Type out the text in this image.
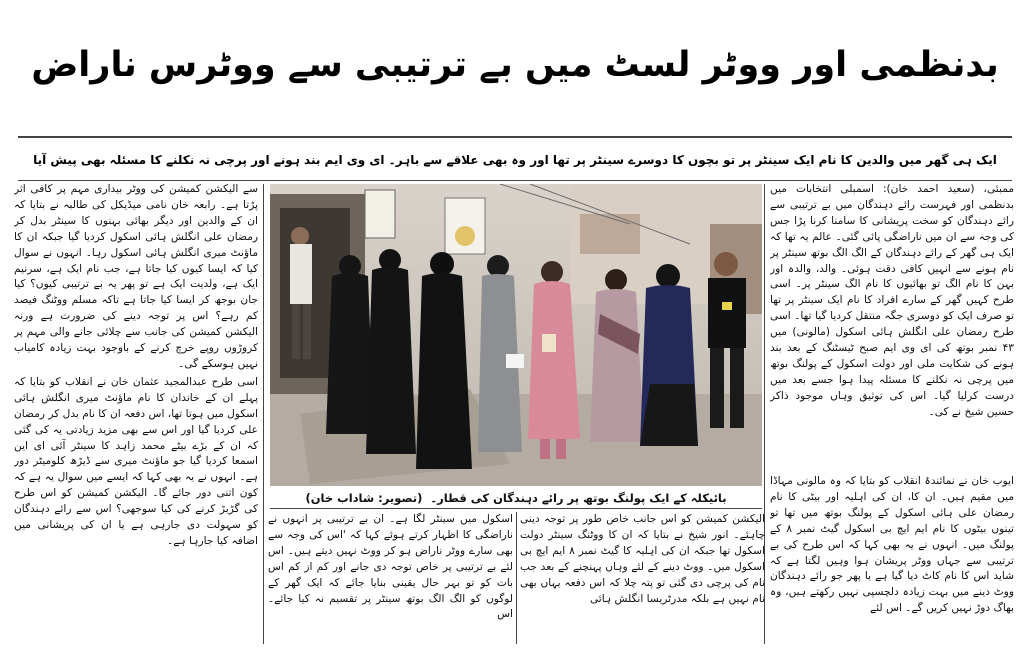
بدنظمی اور ووٹر لسٹ میں بے ترتیبی سے ووٹرس ناراض
ایک ہی گھر میں والدین کا نام ایک سینٹر پر تو بچوں کا دوسرے سینٹر پر تھا اور وہ بھی علاقے سے باہر۔ ای وی ایم بند ہونے اور پرچی نہ نکلنے کا مسئلہ بھی پیش آیا
بائیکلہ کے ایک پولنگ بوتھ پر رائے دہندگان کی قطار۔
(تصویر: شاداب خان)

ممبئی، (سعید احمد خان): اسمبلی انتخابات میں بدنظمی اور فہرست رائے دہندگان میں بے ترتیبی سے رائے دہندگان کو سخت پریشانی کا سامنا کرنا پڑا جس کی وجہ سے ان میں ناراضگی پائی گئی۔ عالم یہ تھا کہ ایک ہی گھر کے رائے دہندگان کے الگ الگ بوتھ سینٹر پر نام ہونے سے انہیں کافی دقت ہوئی۔ والد، والدہ اور بہن کا نام الگ تو بھائیوں کا نام الگ سینٹر پر۔ اسی طرح کہیں گھر کے سارے افراد کا نام ایک سینٹر پر تھا تو صرف ایک کو دوسری جگہ منتقل کردیا گیا تھا۔ اسی طرح رمضان علی انگلش ہائی اسکول (مالونی) میں ۴۳ نمبر بوتھ کی ای وی ایم صبح ٹیسٹنگ کے بعد بند ہونے کی شکایت ملی اور دولت اسکول کے پولنگ بوتھ میں پرچی نہ نکلنے کا مسئلہ پیدا ہوا جسے بعد میں درست کرلیا گیا۔ اس کی توثیق وہاں موجود ذاکر حسین شیخ نے کی۔

ایوب خان نے نمائندۂ انقلاب کو بتایا کہ وہ مالونی مہاڈا میں مقیم ہیں۔ ان کا، ان کی اہلیہ اور بیٹی کا نام رمضان علی ہائی اسکول کے پولنگ بوتھ میں تھا تو تینوں بیٹوں کا نام ایم ایچ بی اسکول گیٹ نمبر ۸ کے پولنگ میں۔ انہوں نے یہ بھی کہا کہ اس طرح کی بے ترتیبی سے جہاں ووٹر پریشان ہوا وہیں لگتا ہے کہ شاید اس کا نام کاٹ دیا گیا ہے یا پھر جو رائے دہندگان ووٹ دینے میں بہت زیادہ دلچسپی نہیں رکھتے ہیں، وہ بھاگ دوڑ نہیں کریں گے۔ اس لئے

الیکشن کمیشن کو اس جانب خاص طور پر توجہ دینی چاہئے۔ انور شیخ نے بتایا کہ ان کا ووٹنگ سینٹر دولت اسکول تھا جبکہ ان کی اہلیہ کا گیٹ نمبر ۸ ایم ایچ بی اسکول میں۔ ووٹ دینے کے لئے وہاں پہنچنے کے بعد جب نام کی پرچی دی گئی تو پتہ چلا کہ اس دفعہ یہاں بھی نام نہیں ہے بلکہ مدرٹریسا انگلش ہائی

اسکول میں سینٹر لگا ہے۔ ان بے ترتیبی پر انہوں نے ناراضگی کا اظہار کرتے ہوئے کہا کہ 'اس کی وجہ سے بھی سارے ووٹر ناراض ہو کر ووٹ نہیں دیتے ہیں۔ اس لئے بے ترتیبی پر خاص توجہ دی جانے اور کم از کم اس بات کو تو بہر حال یقینی بنایا جائے کہ ایک گھر کے لوگوں کو الگ الگ بوتھ سینٹر پر تقسیم نہ کیا جائے۔ اس

سے الیکشن کمیشن کی ووٹر بیداری مہم پر کافی اثر پڑتا ہے۔ رابعہ خان نامی میڈیکل کی طالبہ نے بتایا کہ ان کے والدین اور دیگر بھائی بہنوں کا سینٹر بدل کر رمضان علی انگلش ہائی اسکول کردیا گیا جبکہ ان کا ماؤنٹ میری انگلش ہائی اسکول رہا۔ انہوں نے سوال کیا کہ ایسا کیوں کیا جاتا ہے، جب نام ایک ہے، سرنیم ایک ہے، ولدیت ایک ہے تو پھر یہ بے ترتیبی کیوں؟ کیا جان بوجھ کر ایسا کیا جاتا ہے تاکہ مسلم ووٹنگ فیصد کم رہے؟ اس پر توجہ دینے کی ضرورت ہے ورنہ الیکشن کمیشن کی جانب سے چلائی جانے والی مہم پر کروڑوں روپے خرچ کرنے کے باوجود بہت زیادہ کامیاب نہیں ہوسکے گی۔

اسی طرح عبدالمجید عثمان خان نے انقلاب کو بتایا کہ پہلے ان کے خاندان کا نام ماؤنٹ میری انگلش ہائی اسکول میں ہوتا تھا، اس دفعہ ان کا نام بدل کر رمضان علی کردیا گیا اور اس سے بھی مزید زیادتی یہ کی گئی کہ ان کے بڑے بیٹے محمد زاہد کا سینٹر آئی ای این اسمعا کردیا گیا جو ماؤنٹ میری سے ڈیڑھ کلومیٹر دور ہے۔ انہوں نے یہ بھی کہا کہ ایسے میں سوال یہ ہے کہ کون اتنی دور جائے گا۔ الیکشن کمیشن کو اس طرح کی گڑبڑ کرنے کی کیا سوجھی؟ اس سے رائے دہندگان کو سہولت دی جارہی ہے یا ان کی پریشانی میں اضافہ کیا جارہا ہے۔
